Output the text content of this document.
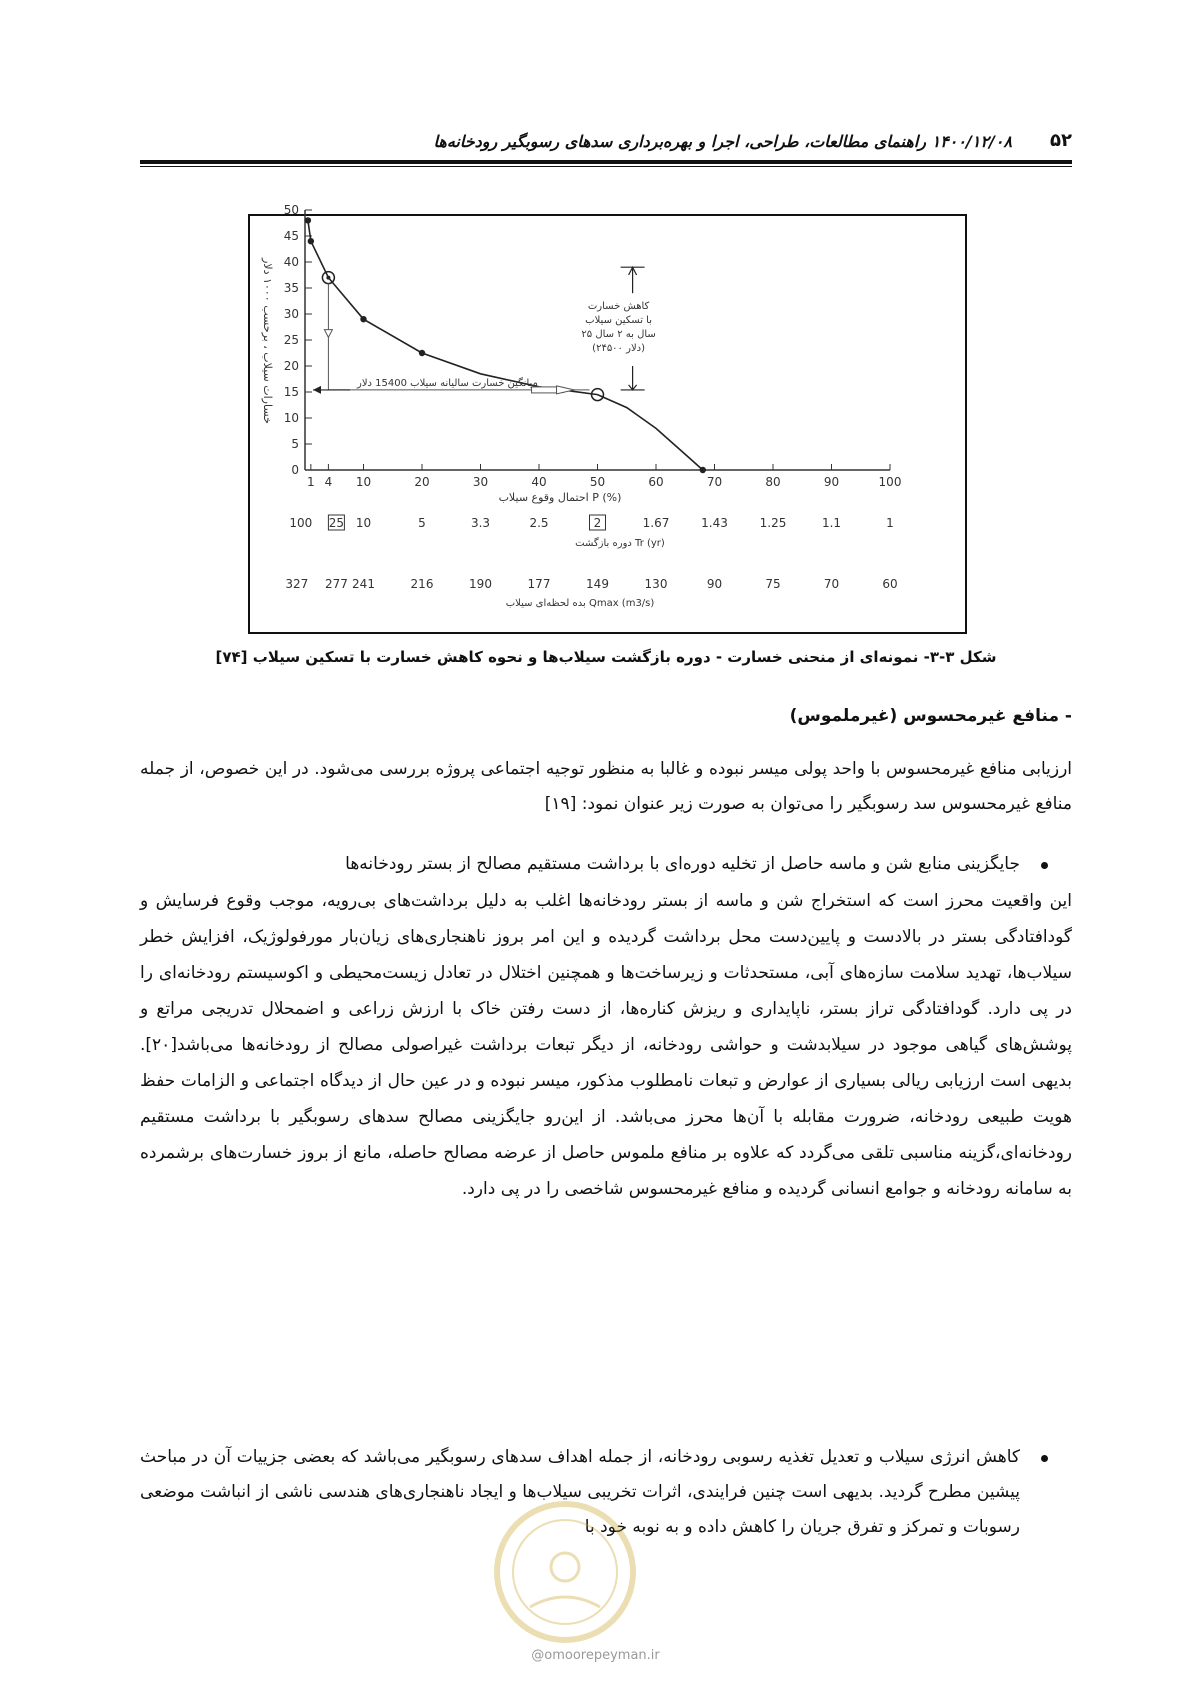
۱۴۰۰/۱۲/۰۸ راهنمای مطالعات، طراحی، اجرا و بهره‌برداری سدهای رسوبگیر رودخانه‌ها ۵۲
0
5
10
15
20
25
30
35
40
45
50
خسارات سیلاب ، برحسب ۱۰۰۰ دلار
1 4 10	20	30	40	50	60	70	80	90	100
احتمال وقوع سیلاب P (%)
میانگین خسارت سالیانه سیلاب 15400 دلار
کاهش خسارت
با تسکین سیلاب
۲۵ سال به ۲ سال
(۲۴۵۰۰ دلار)
100 25 10	5	3.3	2.5	2	1.67	1.43	1.25	1.1	1
دوره بازگشت Tr (yr)
327 277 241	216	190	177	149	130	90	75	70	60
بده لحظه‌ای سیلاب Qmax (m3/s)
شکل ۳-۳- نمونه‌ای از منحنی خسارت - دوره بازگشت سیلاب‌ها و نحوه کاهش خسارت با تسکین سیلاب [۷۴]
- منافع غیرمحسوس (غیرملموس)
ارزیابی منافع غیرمحسوس با واحد پولی میسر نبوده و غالبا به منظور توجیه اجتماعی پروژه بررسی می‌شود. در این خصوص، از جمله منافع غیرمحسوس سد رسوبگیر را می‌توان به صورت زیر عنوان نمود: [۱۹]
جایگزینی منابع شن و ماسه حاصل از تخلیه دوره‌ای با برداشت مستقیم مصالح از بستر رودخانه‌ها
این واقعیت محرز است که استخراج شن و ماسه از بستر رودخانه‌ها اغلب به دلیل برداشت‌های بی‌رویه، موجب وقوع فرسایش و گودافتادگی بستر در بالادست و پایین‌دست محل برداشت گردیده و این امر بروز ناهنجاری‌های زیان‌بار مورفولوژیک، افزایش خطر سیلاب‌ها، تهدید سلامت سازه‌های آبی، مستحدثات و زیرساخت‌ها و همچنین اختلال در تعادل زیست‌محیطی و اکوسیستم رودخانه‌ای را در پی دارد. گودافتادگی تراز بستر، ناپایداری و ریزش کناره‌ها، از دست رفتن خاک با ارزش زراعی و اضمحلال تدریجی مراتع و پوشش‌های گیاهی موجود در سیلابدشت و حواشی رودخانه، از دیگر تبعات برداشت غیراصولی مصالح از رودخانه‌ها می‌باشد[۲۰]. بدیهی است ارزیابی ریالی بسیاری از عوارض و تبعات نامطلوب مذکور، میسر نبوده و در عین حال از دیدگاه اجتماعی و الزامات حفظ هویت طبیعی رودخانه، ضرورت مقابله با آن‌ها محرز می‌باشد. از این‌رو جایگزینی مصالح سدهای رسوبگیر با برداشت مستقیم رودخانه‌ای،گزینه مناسبی تلقی می‌گردد که علاوه بر منافع ملموس حاصل از عرضه مصالح حاصله، مانع از بروز خسارت‌های برشمرده به سامانه رودخانه و جوامع انسانی گردیده و منافع غیرمحسوس شاخصی را در پی دارد.
کاهش انرژی سیلاب و تعدیل تغذیه رسوبی رودخانه، از جمله اهداف سدهای رسوبگیر می‌باشد که بعضی جزییات آن در مباحث پیشین مطرح گردید. بدیهی است چنین فرایندی، اثرات تخریبی سیلاب‌ها و ایجاد ناهنجاری‌های هندسی ناشی از انباشت موضعی رسوبات و تمرکز و تفرق جریان را کاهش داده و به نوبه خود با
@omoorepeyman.ir
